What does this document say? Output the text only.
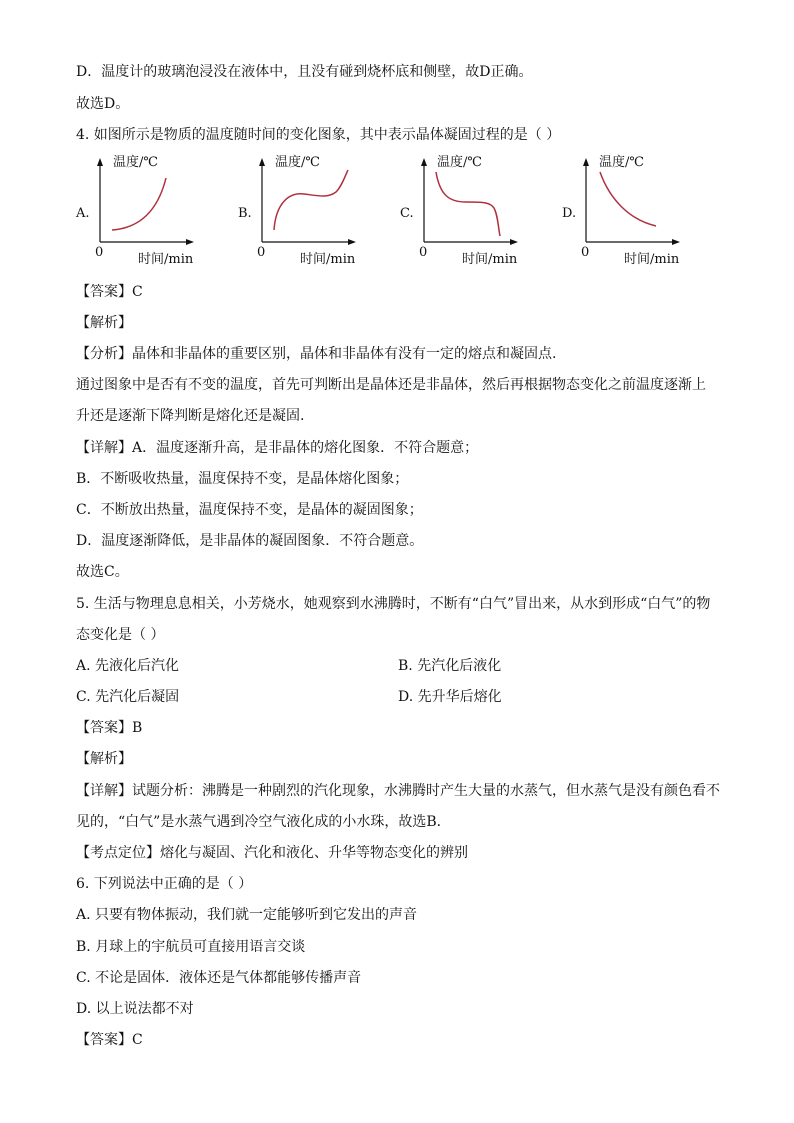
D．温度计的玻璃泡浸没在液体中，且没有碰到烧杯底和侧壁，故D正确。
故选D。
4. 如图所示是物质的温度随时间的变化图象，其中表示晶体凝固过程的是（ ）
A.
温度/℃
0	时间/min
B.
温度/℃
0	时间/min
C.
温度/℃
0	时间/min
D.
温度/℃
0	时间/min
【答案】C
【解析】
【分析】晶体和非晶体的重要区别，晶体和非晶体有没有一定的熔点和凝固点.
通过图象中是否有不变的温度，首先可判断出是晶体还是非晶体，然后再根据物态变化之前温度逐渐上
升还是逐渐下降判断是熔化还是凝固.
【详解】A．温度逐渐升高，是非晶体的熔化图象．不符合题意；
B．不断吸收热量，温度保持不变，是晶体熔化图象；
C．不断放出热量，温度保持不变，是晶体的凝固图象；
D．温度逐渐降低，是非晶体的凝固图象．不符合题意。
故选C。
5. 生活与物理息息相关，小芳烧水，她观察到水沸腾时，不断有“白气”冒出来，从水到形成“白气”的物
态变化是（ ）
A. 先液化后汽化	B. 先汽化后液化
C. 先汽化后凝固	D. 先升华后熔化
【答案】B
【解析】
【详解】试题分析：沸腾是一种剧烈的汽化现象，水沸腾时产生大量的水蒸气，但水蒸气是没有颜色看不
见的，“白气”是水蒸气遇到冷空气液化成的小水珠，故选B．
【考点定位】熔化与凝固、汽化和液化、升华等物态变化的辨别
6. 下列说法中正确的是（ ）
A. 只要有物体振动，我们就一定能够听到它发出的声音
B. 月球上的宇航员可直接用语言交谈
C. 不论是固体．液体还是气体都能够传播声音
D. 以上说法都不对
【答案】C
